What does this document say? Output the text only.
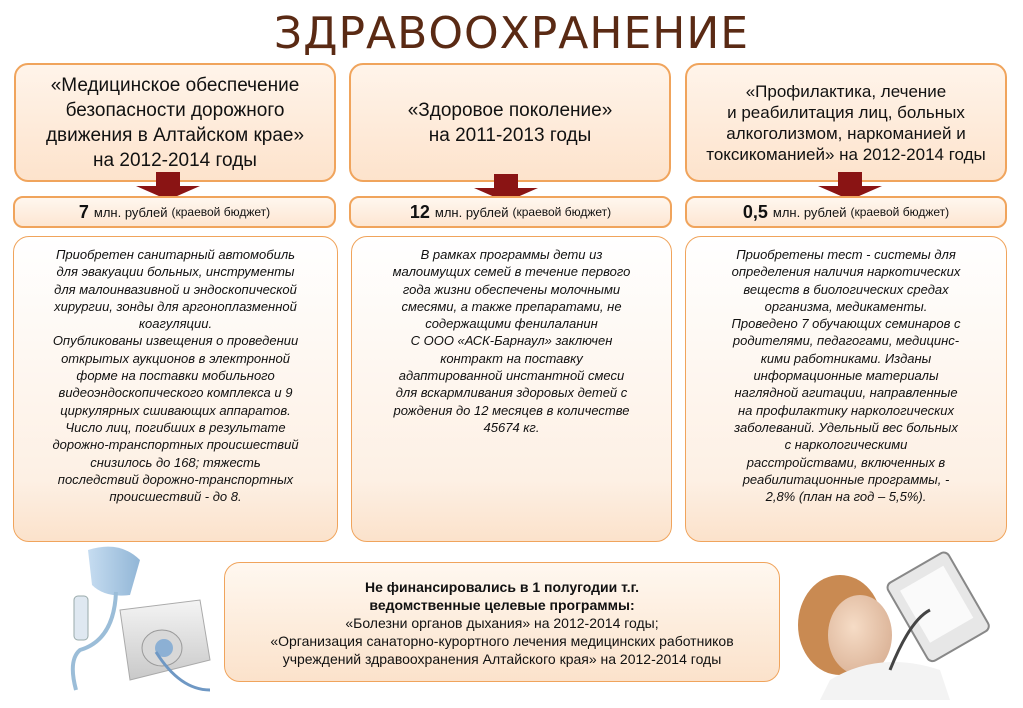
ЗДРАВООХРАНЕНИЕ
«Медицинское обеспечение
безопасности дорожного
движения в Алтайском крае»
на 2012-2014 годы
7 млн. рублей (краевой бюджет)
Приобретен санитарный автомобиль
для эвакуации больных, инструменты
для малоинвазивной и эндоскопической
хирургии, зонды для аргоноплазменной
коагуляции.
Опубликованы извещения о проведении
открытых аукционов в электронной
форме на поставки мобильного
видеоэндоскопического комплекса и 9
циркулярных сшивающих аппаратов.
Число лиц, погибших в результате
дорожно-транспортных происшествий
снизилось до 168; тяжесть
последствий дорожно-транспортных
происшествий - до 8.
«Здоровое поколение»
на 2011-2013 годы
12 млн. рублей (краевой бюджет)
В рамках программы дети из
малоимущих семей в течение первого
года жизни обеспечены молочными
смесями, а также препаратами, не
содержащими фенилаланин
С ООО «АСК-Барнаул» заключен
контракт на поставку
адаптированной инстантной смеси
для вскармливания здоровых детей с
рождения до 12 месяцев в количестве
45674 кг.
«Профилактика, лечение
и реабилитация лиц, больных
алкоголизмом, наркоманией и
токсикоманией» на 2012-2014 годы
0,5 млн. рублей (краевой бюджет)
Приобретены тест - системы для
определения наличия наркотических
веществ в биологических средах
организма, медикаменты.
Проведено 7 обучающих семинаров с
родителями, педагогами, медицинс-
кими работниками. Изданы
информационные материалы
наглядной агитации, направленные
на профилактику наркологических
заболеваний. Удельный вес больных
с наркологическими
расстройствами, включенных в
реабилитационные программы, -
2,8% (план на год – 5,5%).
Не финансировались в 1 полугодии т.г.
ведомственные целевые программы:
«Болезни органов дыхания» на 2012-2014 годы;
«Организация санаторно-курортного лечения медицинских работников
учреждений здравоохранения Алтайского края» на 2012-2014 годы
